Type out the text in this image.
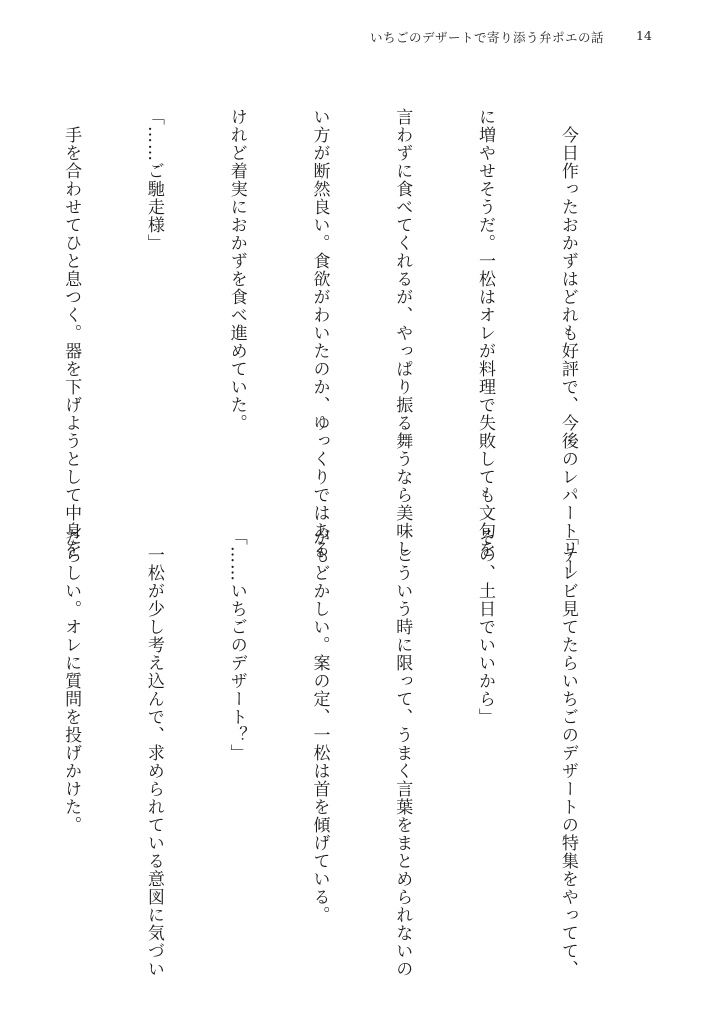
いちごのデザートで寄り添う弁ポエの話	14

　今日作ったおかずはどれも好評で、今後のレパートリー

に増やせそうだ。一松はオレが料理で失敗しても文句を

言わずに食べてくれるが、やっぱり振る舞うなら美味し

い方が断然良い。食欲がわいたのか、ゆっくりではある

けれど着実におかずを食べ進めていた。

「……ご馳走様」

　手を合わせてひと息つく。器を下げようとして中身を

「テレビ見てたらいちごのデザートの特集をやってて、

その、土日でいいから」

　こういう時に限って、うまく言葉をまとめられないの

がもどかしい。案の定、一松は首を傾げている。

「……いちごのデザート？」

　一松が少し考え込んで、求められている意図に気づい

たらしい。オレに質問を投げかけた。
